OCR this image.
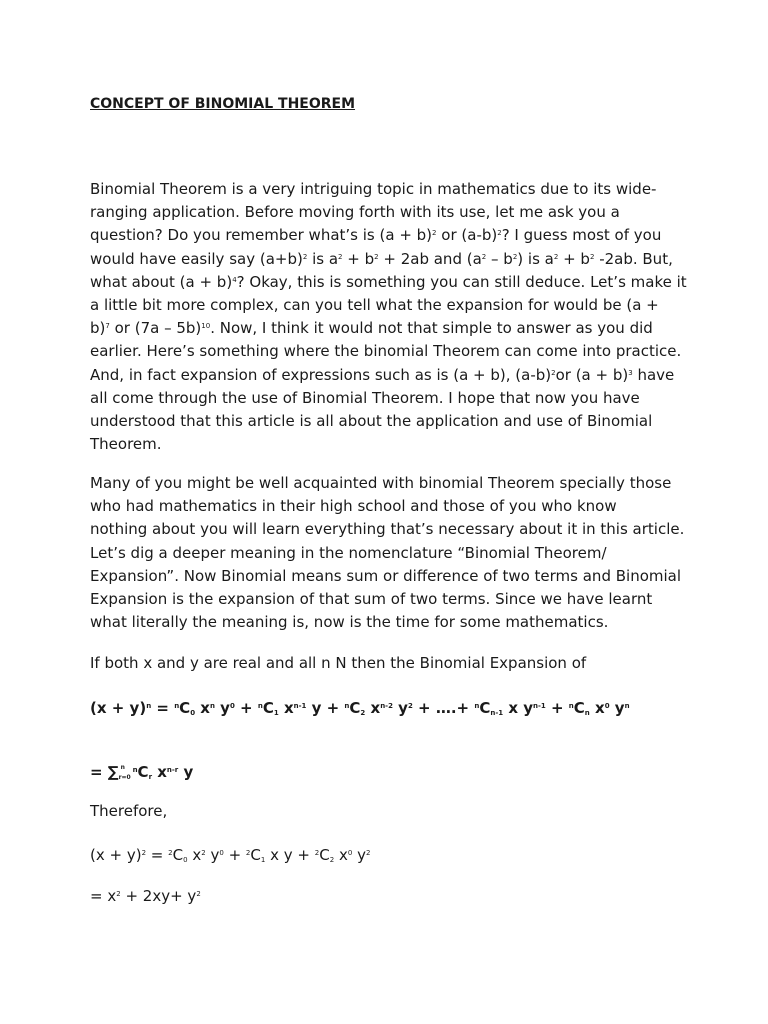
CONCEPT OF BINOMIAL THEOREM

Binomial Theorem is a very intriguing topic in mathematics due to its wide-
ranging application. Before moving forth with its use, let me ask you a
question? Do you remember what’s is $(a + b)^2$ or $(a-b)^2$? I guess most of you
would have easily say $(a+b)^2$ is $a^2 + b^2 + 2ab$ and $(a^2 - b^2)$ is $a^2 + b^2$ -2ab. But,
what about $(a + b)^4$? Okay, this is something you can still deduce. Let’s make it
a little bit more complex, can you tell what the expansion for would be (a +
b)$^7$ or (7a – 5b)$^{10}$. Now, I think it would not that simple to answer as you did
earlier. Here’s something where the binomial Theorem can come into practice.
And, in fact expansion of expressions such as is (a + b), $(a-b)^2or$ $(a + b)^3$ have
all come through the use of Binomial Theorem. I hope that now you have
understood that this article is all about the application and use of Binomial
Theorem.

Many of you might be well acquainted with binomial Theorem specially those
who had mathematics in their high school and those of you who know
nothing about you will learn everything that’s necessary about it in this article.
Let’s dig a deeper meaning in the nomenclature “Binomial Theorem/
Expansion”. Now Binomial means sum or difference of two terms and Binomial
Expansion is the expansion of that sum of two terms. Since we have learnt
what literally the meaning is, now is the time for some mathematics.

If both x and y are real and all n N then the Binomial Expansion of
$(x + y)^n = ^nC_0$ $x^n$ $y^0 + ^nC_1$ $x^{n-1}$ $y + ^nC_2$ $x^{n-2}$ $y^2$ + ….+ $^nC_{n-1}$ x $y^{n-1} + ^nC_n$ $x^0$ $y^n$
= ∑ n
r=0
$^nC_r$ $x^{n-r}$ y
Therefore,
$(x + y)^2 = ^2C_0$ $x^2$ $y^0 + ^2C_1$ x $y + ^2C_2$ $x^0$ $y^2$
= $x^2 + 2xy+ y^2$
